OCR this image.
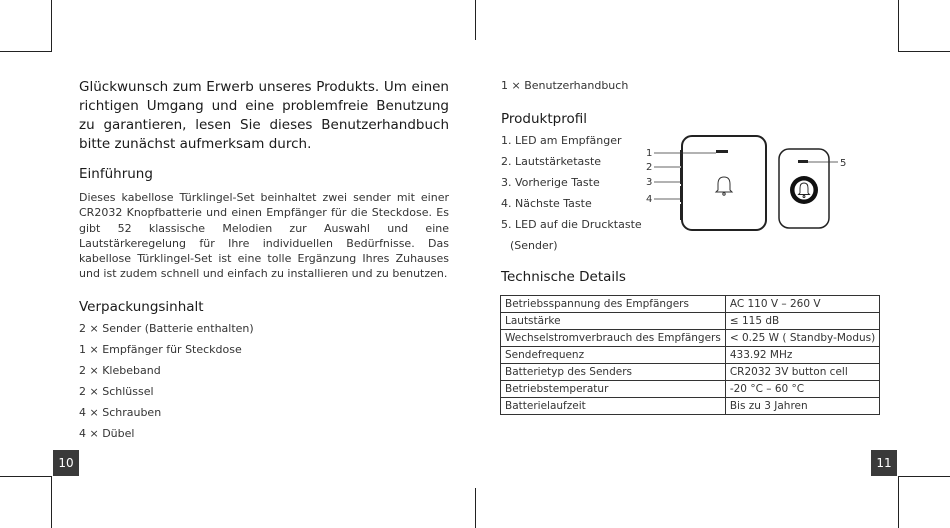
Glückwunsch zum Erwerb unseres Produkts. Um einen richtigen Umgang und eine problemfreie Benutzung zu garantieren, lesen Sie dieses Benutzerhandbuch bitte zunächst aufmerksam durch.

Einführung

Dieses kabellose Türklingel-Set beinhaltet zwei sender mit einer CR2032 Knopfbatterie und einen Empfänger für die Steckdose. Es gibt 52 klassische Melodien zur Auswahl und eine Lautstärkeregelung für Ihre individuellen Bedürfnisse. Das kabellose Türklingel-Set ist eine tolle Ergänzung Ihres Zuhauses und ist zudem schnell und einfach zu installieren und zu benutzen.

Verpackungsinhalt
2 × Sender (Batterie enthalten)
1 × Empfänger für Steckdose
2 × Klebeband
2 × Schlüssel
4 × Schrauben
4 × Dübel
10
1 × Benutzerhandbuch
Produktprofil
1. LED am Empfänger
2. Lautstärketaste
3. Vorherige Taste
4. Nächste Taste
5. LED auf die Drucktaste
(Sender)
1
2
3
4
5
Technische Details
Betriebsspannung des Empfängers	AC 110 V – 260 V
Lautstärke	≤ 115 dB
Wechselstromverbrauch des Empfängers	< 0.25 W ( Standby-Modus)
Sendefrequenz	433.92 MHz
Batterietyp des Senders	CR2032 3V button cell
Betriebstemperatur	-20 °C – 60 °C
Batterielaufzeit	Bis zu 3 Jahren
11
